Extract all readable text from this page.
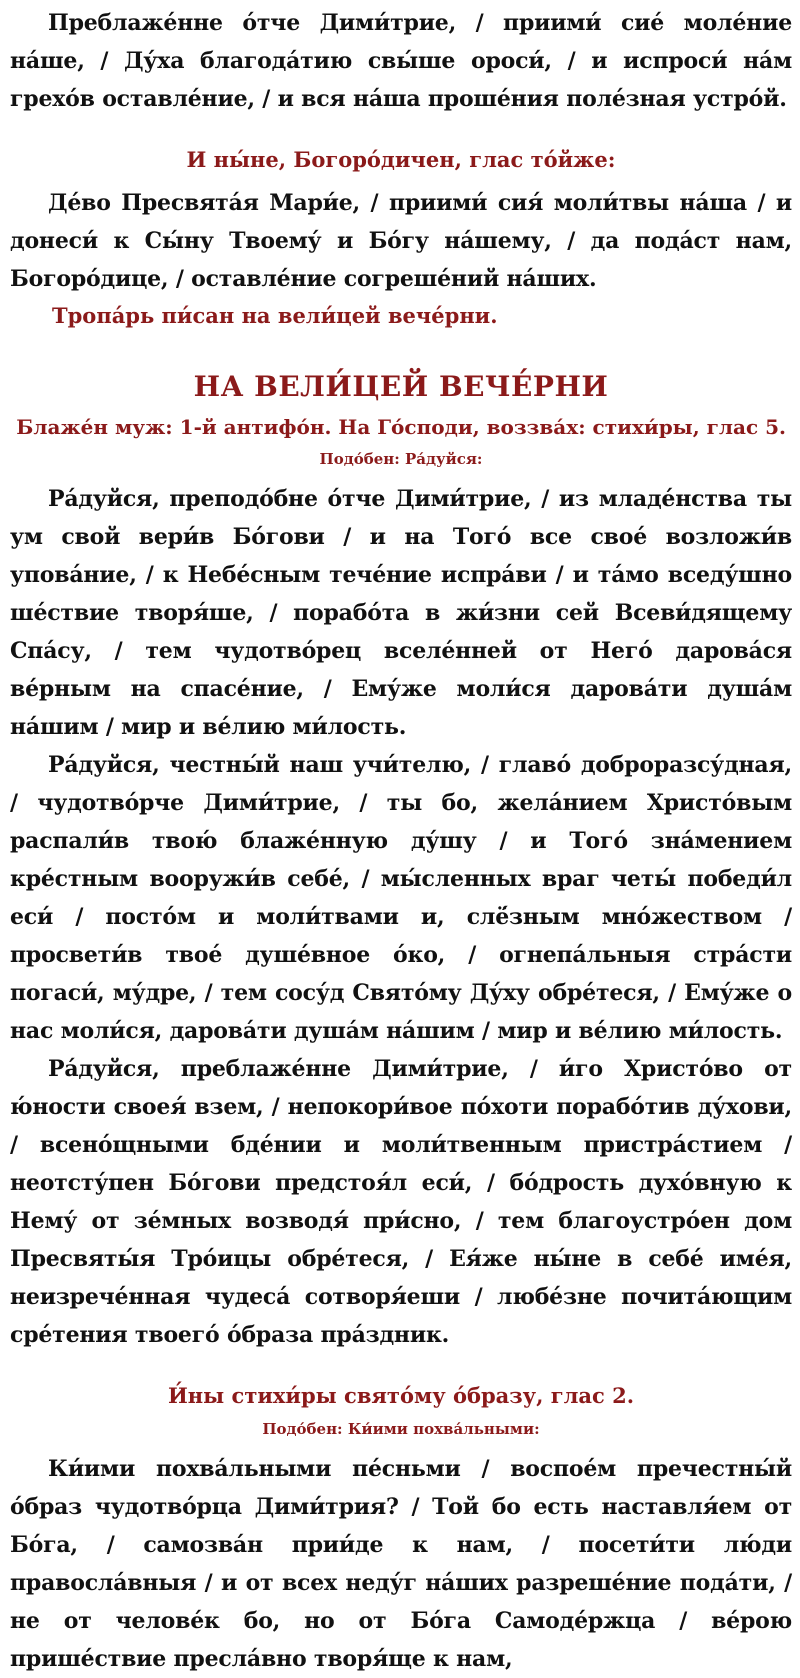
Преблаже́нне о́тче Дими́трие, / приими́ сие́ моле́ние на́ше, / Ду́ха благода́тию свы́ше ороси́, / и испроси́ на́м грехо́в оставле́ние, / и вся на́ша проше́ния поле́зная устро́й.

И ны́не, Богоро́дичен, глас то́йже:

Де́во Пресвята́я Мари́е, / приими́ сия́ моли́твы на́ша / и донеси́ к Сы́ну Твоему́ и Бо́гу на́шему, / да пода́ст нам, Богоро́дице, / оставле́ние согреше́ний на́ших.

Тропа́рь пи́сан на вели́цей вече́рни.

НА ВЕЛИ́ЦЕЙ ВЕЧЕ́РНИ

Блаже́н муж: 1-й антифо́н. На Го́споди, воззва́х: стихи́ры, глас 5.

Подо́бен: Ра́дуйся:

Ра́дуйся, преподо́бне о́тче Дими́трие, / из младе́нства ты ум свой вepи́в Бо́гови / и на Того́ все свое́ возложи́в упова́ние, / к Небе́сным тече́ние испра́ви / и та́мо вседу́шно ше́ствие творя́ше, / порабо́та в жи́зни сей Всеви́дящему Спа́су, / тем чудотво́рец вселе́нней от Него́ дарова́ся ве́рным на спасе́ние, / Ему́же моли́ся дарова́ти душа́м на́шим / мир и ве́лию ми́лость.

Ра́дуйся, честны́й наш учи́телю, / главо́ доброразсу́дная, / чудотво́рче Дими́трие, / ты бо, жела́нием Христо́вым распали́в твою́ блаже́нную ду́шу / и Того́ зна́мением кре́стным вооружи́в себе́, / мы́сленных враг четы́ победи́л еси́ / посто́м и моли́твами и, слё́зным мно́жеством / просвети́в твое́ душе́вное о́ко, / огнепа́льныя стра́сти погаси́, му́дре, / тем сосу́д Свято́му Ду́ху обре́теся, / Ему́же о нас моли́ся, дарова́ти душа́м на́шим / мир и ве́лию ми́лость.

Ра́дуйся, преблаже́нне Дими́трие, / и́го Христо́во от ю́ности своея́ взем, / непокори́вое по́хоти порабо́тив ду́хови, / всено́щными бде́нии и моли́твенным пристра́стием / неотсту́пен Бо́гови предстоя́л еси́, / бо́дрость духо́вную к Нему́ от зе́мных возводя́ при́сно, / тем благоустро́ен дом Пресвяты́я Тро́ицы обре́теся, / Ея́же ны́не в себе́ име́я, неизрече́нная чудеса́ сотворя́еши / любе́зне почита́ющим сре́тения твоего́ о́браза пра́здник.

И́ны стихи́ры свято́му о́бразу, глас 2.

Подо́бен: Ки́ими похва́льными:

Ки́ими похва́льными пе́сньми / воспое́м пречестны́й о́браз чудотво́рца Дими́трия? / Той бо есть наставля́ем от Бо́га, / самозва́н прии́де к нам, / посети́ти лю́ди правосла́вныя / и от всех неду́г на́ших разреше́ние пода́ти, / не от челове́к бо, но от Бо́га Самоде́ржца / ве́рою прише́ствие пресла́вно творя́ще к нам,
